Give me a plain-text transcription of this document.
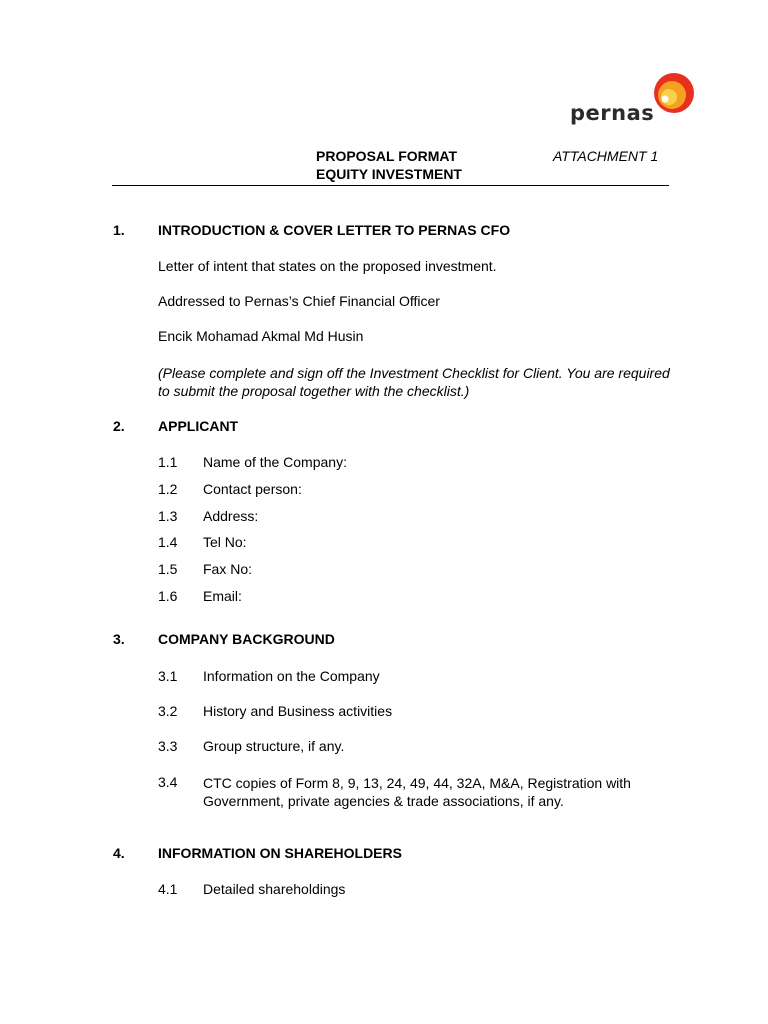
pernas
PROPOSAL FORMAT
EQUITY INVESTMENT
ATTACHMENT 1
1. INTRODUCTION & COVER LETTER TO PERNAS CFO
Letter of intent that states on the proposed investment.
Addressed to Pernas’s Chief Financial Officer
Encik Mohamad Akmal Md Husin
(Please complete and sign off the Investment Checklist for Client. You are required to submit the proposal together with the checklist.)
2. APPLICANT
1.1 Name of the Company:
1.2 Contact person:
1.3 Address:
1.4 Tel No:
1.5 Fax No:
1.6 Email:
3. COMPANY BACKGROUND
3.1 Information on the Company
3.2 History and Business activities
3.3 Group structure, if any.
3.4 CTC copies of Form 8, 9, 13, 24, 49, 44, 32A, M&A, Registration with Government, private agencies & trade associations, if any.
4. INFORMATION ON SHAREHOLDERS
4.1 Detailed shareholdings
